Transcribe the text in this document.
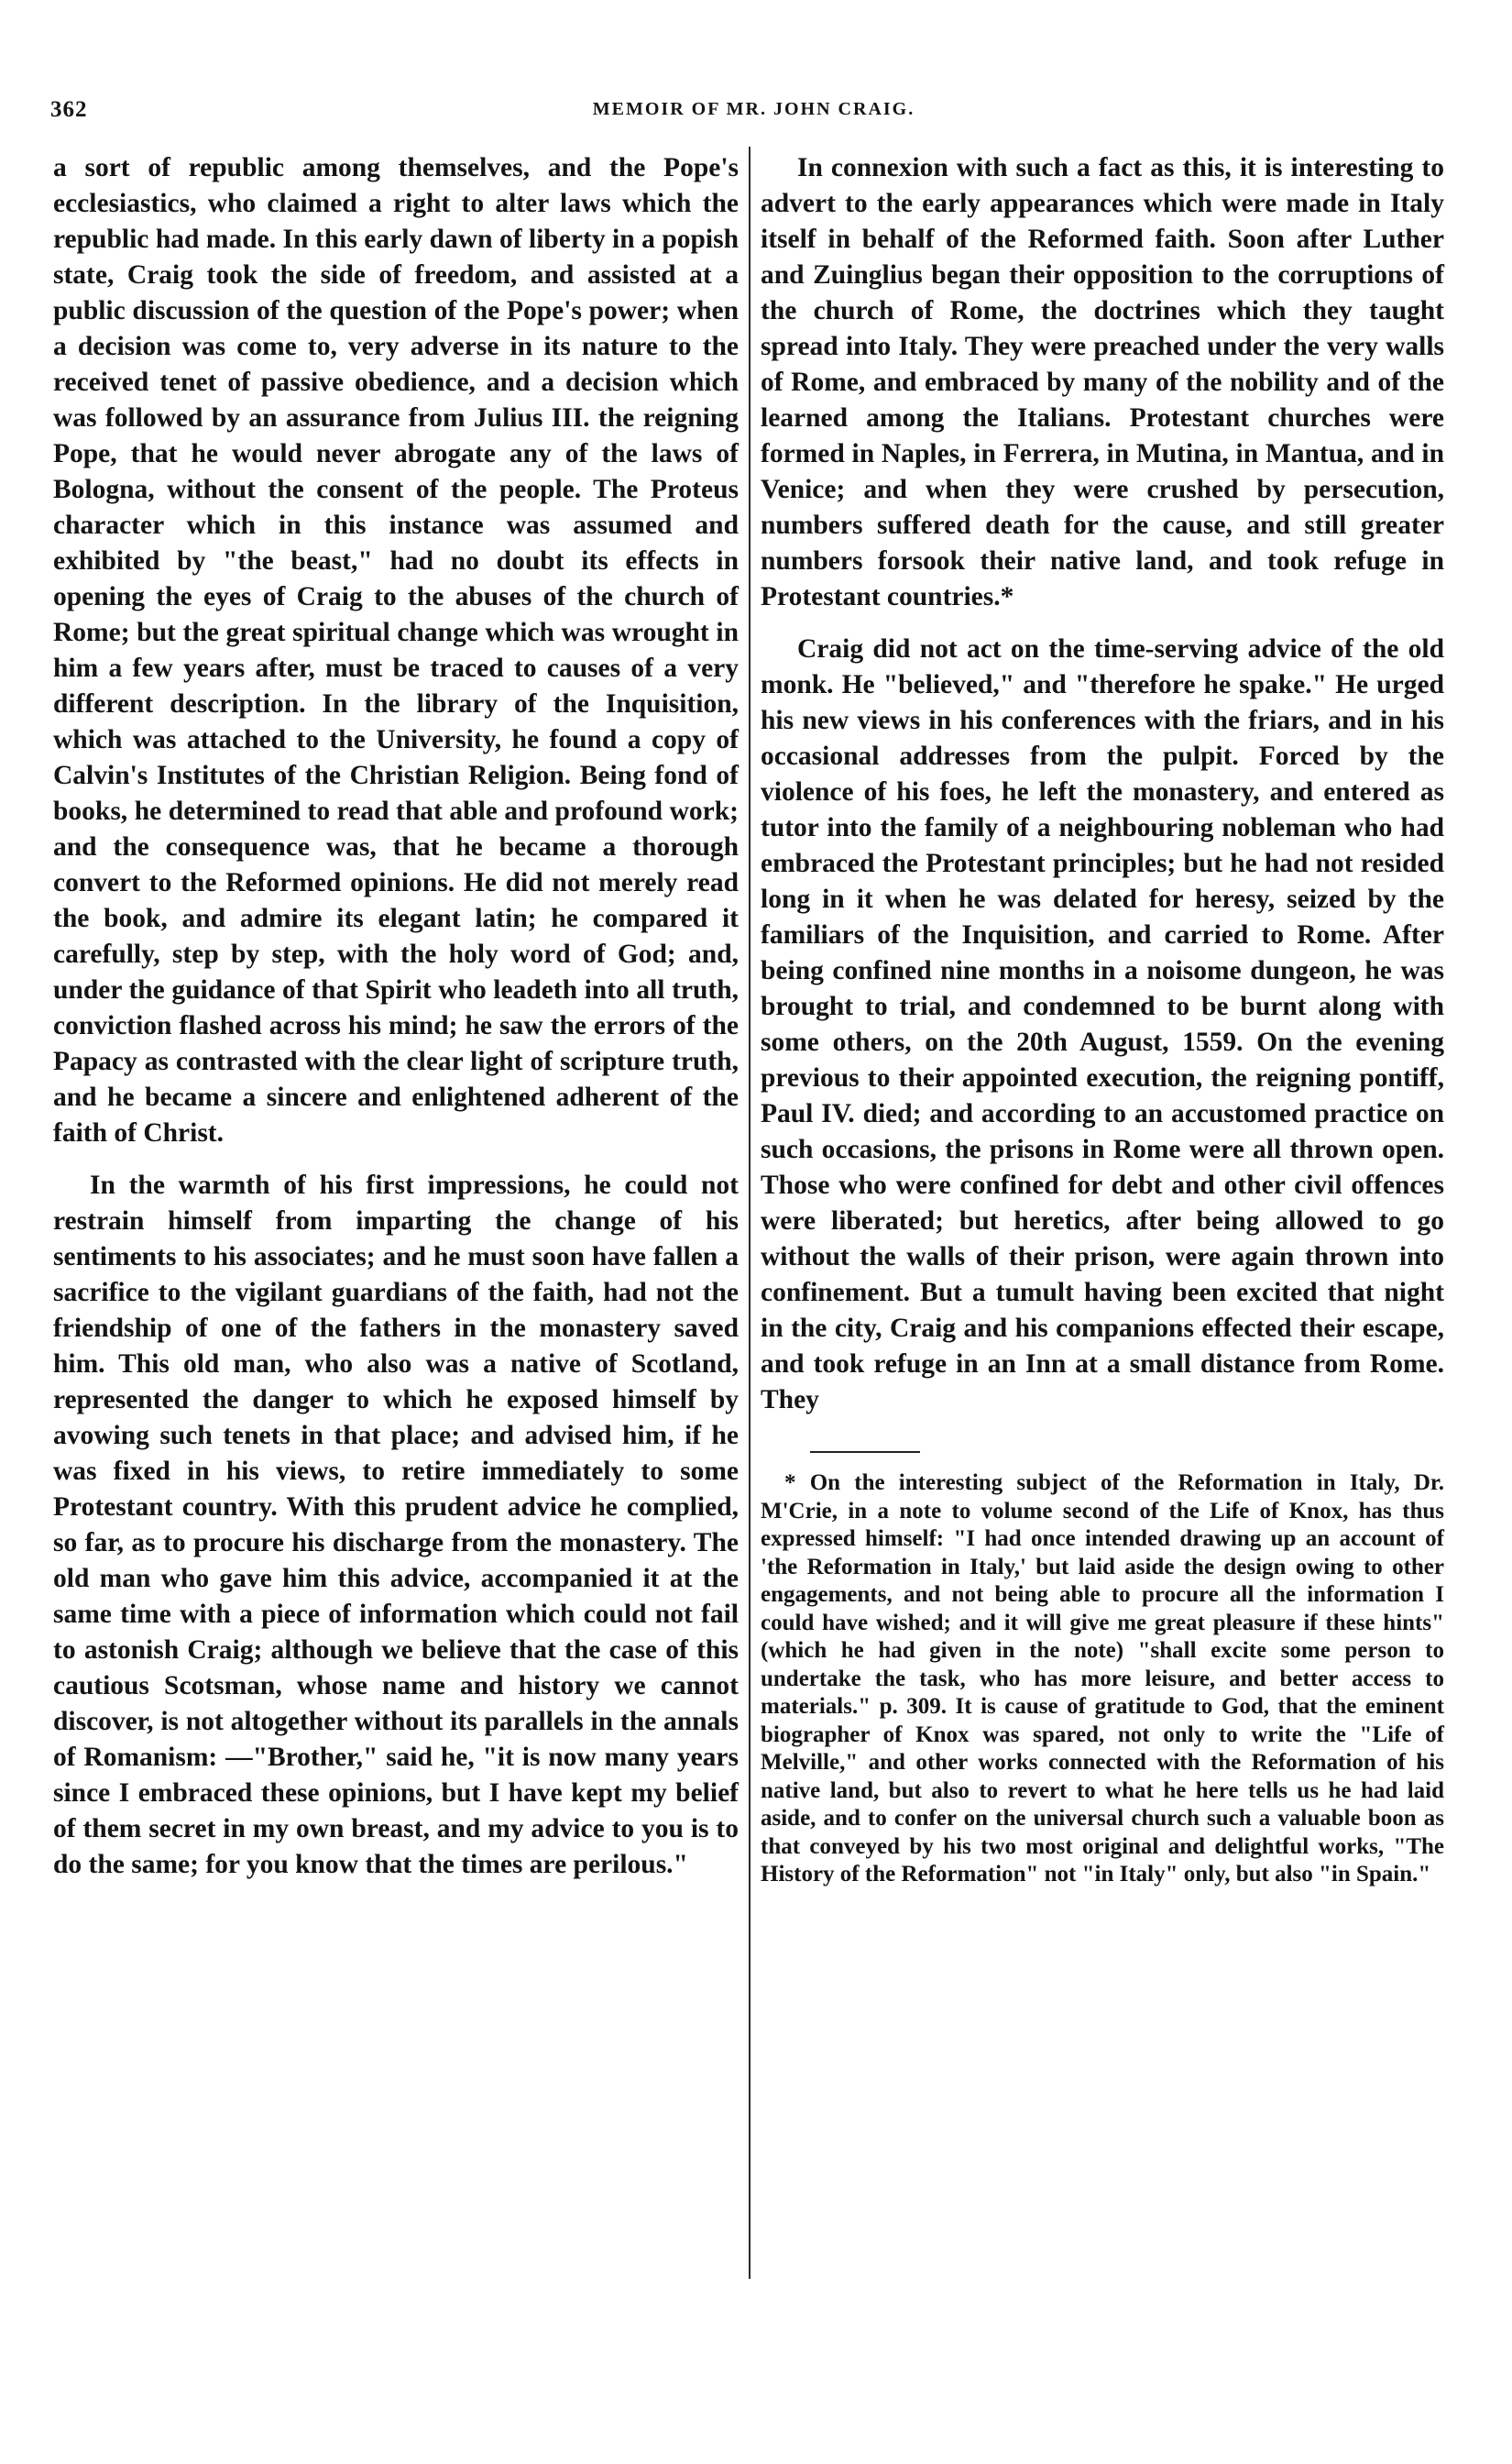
362	MEMOIR OF MR. JOHN CRAIG.

a sort of republic among themselves, and the Pope's ecclesiastics, who claimed a right to alter laws which the republic had made. In this early dawn of liberty in a popish state, Craig took the side of freedom, and assisted at a public discussion of the question of the Pope's power; when a decision was come to, very adverse in its nature to the received tenet of passive obedience, and a decision which was followed by an assurance from Julius III. the reigning Pope, that he would never abrogate any of the laws of Bologna, without the consent of the people. The Proteus character which in this instance was assumed and exhibited by "the beast," had no doubt its effects in opening the eyes of Craig to the abuses of the church of Rome; but the great spiritual change which was wrought in him a few years after, must be traced to causes of a very different description. In the library of the Inquisition, which was attached to the University, he found a copy of Calvin's Institutes of the Christian Religion. Being fond of books, he determined to read that able and profound work; and the consequence was, that he became a thorough convert to the Reformed opinions. He did not merely read the book, and admire its elegant latin; he compared it carefully, step by step, with the holy word of God; and, under the guidance of that Spirit who leadeth into all truth, conviction flashed across his mind; he saw the errors of the Papacy as contrasted with the clear light of scripture truth, and he became a sincere and enlightened adherent of the faith of Christ.

In the warmth of his first impressions, he could not restrain himself from imparting the change of his sentiments to his associates; and he must soon have fallen a sacrifice to the vigilant guardians of the faith, had not the friendship of one of the fathers in the monastery saved him. This old man, who also was a native of Scotland, represented the danger to which he exposed himself by avowing such tenets in that place; and advised him, if he was fixed in his views, to retire immediately to some Protestant country. With this prudent advice he complied, so far, as to procure his discharge from the monastery. The old man who gave him this advice, accompanied it at the same time with a piece of information which could not fail to astonish Craig; although we believe that the case of this cautious Scotsman, whose name and history we cannot discover, is not altogether without its parallels in the annals of Romanism: —"Brother," said he, "it is now many years since I embraced these opinions, but I have kept my belief of them secret in my own breast, and my advice to you is to do the same; for you know that the times are perilous."

In connexion with such a fact as this, it is interesting to advert to the early appearances which were made in Italy itself in behalf of the Reformed faith. Soon after Luther and Zuinglius began their opposition to the corruptions of the church of Rome, the doctrines which they taught spread into Italy. They were preached under the very walls of Rome, and embraced by many of the nobility and of the learned among the Italians. Protestant churches were formed in Naples, in Ferrera, in Mutina, in Mantua, and in Venice; and when they were crushed by persecution, numbers suffered death for the cause, and still greater numbers forsook their native land, and took refuge in Protestant countries.*

Craig did not act on the time-serving advice of the old monk. He "believed," and "therefore he spake." He urged his new views in his conferences with the friars, and in his occasional addresses from the pulpit. Forced by the violence of his foes, he left the monastery, and entered as tutor into the family of a neighbouring nobleman who had embraced the Protestant principles; but he had not resided long in it when he was delated for heresy, seized by the familiars of the Inquisition, and carried to Rome. After being confined nine months in a noisome dungeon, he was brought to trial, and condemned to be burnt along with some others, on the 20th August, 1559. On the evening previous to their appointed execution, the reigning pontiff, Paul IV. died; and according to an accustomed practice on such occasions, the prisons in Rome were all thrown open. Those who were confined for debt and other civil offences were liberated; but heretics, after being allowed to go without the walls of their prison, were again thrown into confinement. But a tumult having been excited that night in the city, Craig and his companions effected their escape, and took refuge in an Inn at a small distance from Rome. They

* On the interesting subject of the Reformation in Italy, Dr. M'Crie, in a note to volume second of the Life of Knox, has thus expressed himself: "I had once intended drawing up an account of 'the Reformation in Italy,' but laid aside the design owing to other engagements, and not being able to procure all the information I could have wished; and it will give me great pleasure if these hints" (which he had given in the note) "shall excite some person to undertake the task, who has more leisure, and better access to materials." p. 309. It is cause of gratitude to God, that the eminent biographer of Knox was spared, not only to write the "Life of Melville," and other works connected with the Reformation of his native land, but also to revert to what he here tells us he had laid aside, and to confer on the universal church such a valuable boon as that conveyed by his two most original and delightful works, "The History of the Reformation" not "in Italy" only, but also "in Spain."
